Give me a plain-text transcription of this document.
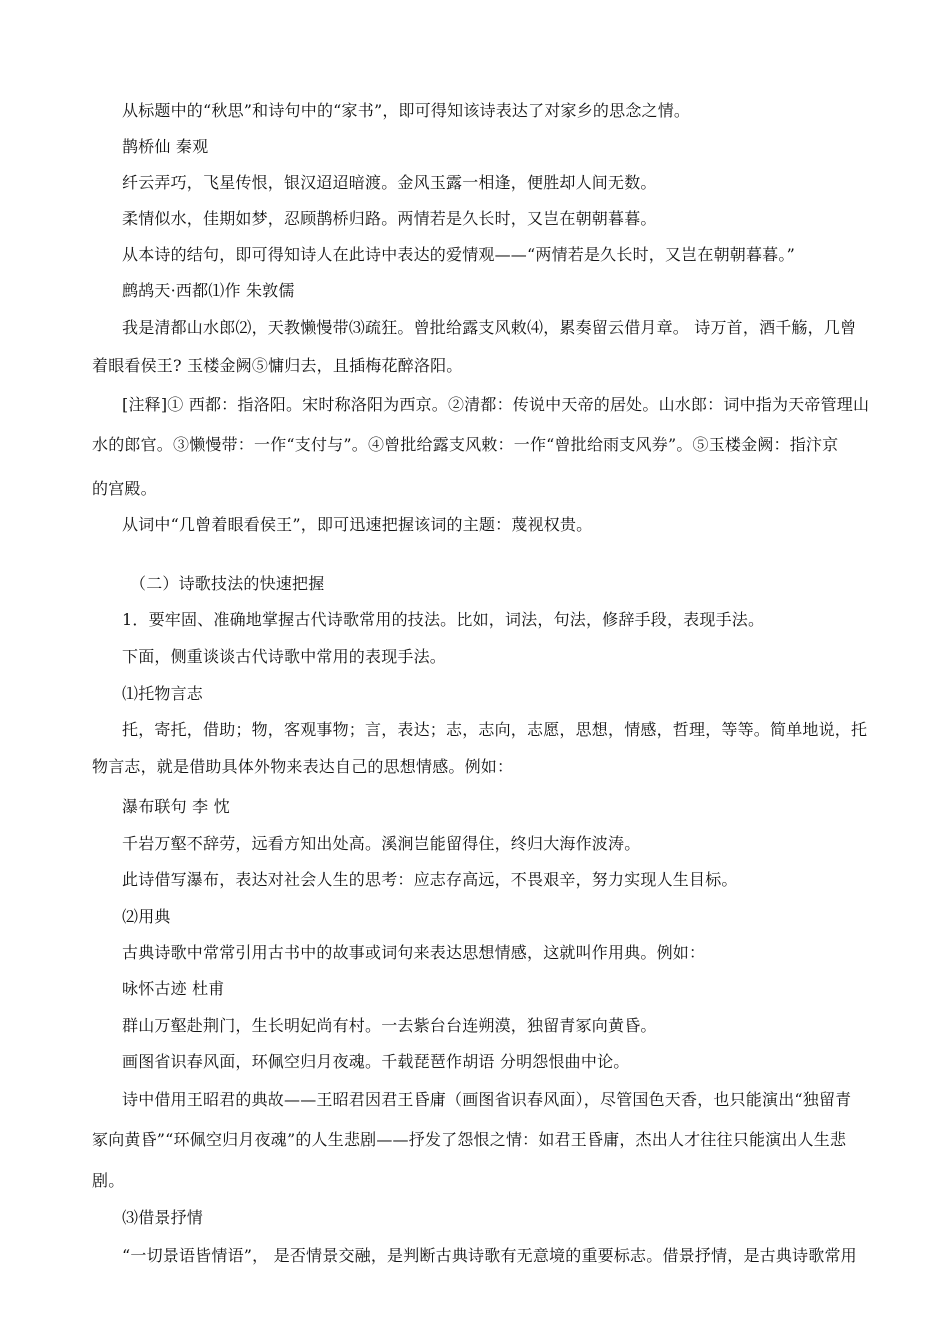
从标题中的“秋思”和诗句中的“家书”，即可得知该诗表达了对家乡的思念之情。
鹊桥仙 秦观
纤云弄巧，飞星传恨，银汉迢迢暗渡。金风玉露一相逢，便胜却人间无数。
柔情似水，佳期如梦，忍顾鹊桥归路。两情若是久长时，又岂在朝朝暮暮。
从本诗的结句，即可得知诗人在此诗中表达的爱情观——“两情若是久长时，又岂在朝朝暮暮。”
鹧鸪天·西都⑴作 朱敦儒
我是清都山水郎⑵，天教懒慢带⑶疏狂。曾批给露支风敕⑷，累奏留云借月章。 诗万首，酒千觞，几曾
着眼看侯王? 玉楼金阙⑤慵归去，且插梅花醉洛阳。
[注释]① 西都：指洛阳。宋时称洛阳为西京。②清都：传说中天帝的居处。山水郎：词中指为天帝管理山
水的郎官。③懒慢带：一作“支付与”。④曾批给露支风敕：一作“曾批给雨支风券”。⑤玉楼金阙：指汴京
的宫殿。
从词中“几曾着眼看侯王”，即可迅速把握该词的主题：蔑视权贵。
（二）诗歌技法的快速把握
1．要牢固、准确地掌握古代诗歌常用的技法。比如，词法，句法，修辞手段，表现手法。
下面，侧重谈谈古代诗歌中常用的表现手法。
⑴托物言志
托，寄托，借助；物，客观事物；言，表达；志，志向，志愿，思想，情感，哲理，等等。简单地说，托
物言志，就是借助具体外物来表达自己的思想情感。例如：
瀑布联句 李 忱
千岩万壑不辞劳，远看方知出处高。溪涧岂能留得住，终归大海作波涛。
此诗借写瀑布，表达对社会人生的思考：应志存高远，不畏艰辛，努力实现人生目标。
⑵用典
古典诗歌中常常引用古书中的故事或词句来表达思想情感，这就叫作用典。例如：
咏怀古迹 杜甫
群山万壑赴荆门，生长明妃尚有村。一去紫台台连朔漠，独留青冢向黄昏。
画图省识春风面，环佩空归月夜魂。千载琵琶作胡语 分明怨恨曲中论。
诗中借用王昭君的典故——王昭君因君王昏庸（画图省识春风面），尽管国色天香，也只能演出“独留青
冢向黄昏”“环佩空归月夜魂”的人生悲剧——抒发了怨恨之情：如君王昏庸，杰出人才往往只能演出人生悲
剧。
⑶借景抒情
“一切景语皆情语”， 是否情景交融，是判断古典诗歌有无意境的重要标志。借景抒情，是古典诗歌常用
